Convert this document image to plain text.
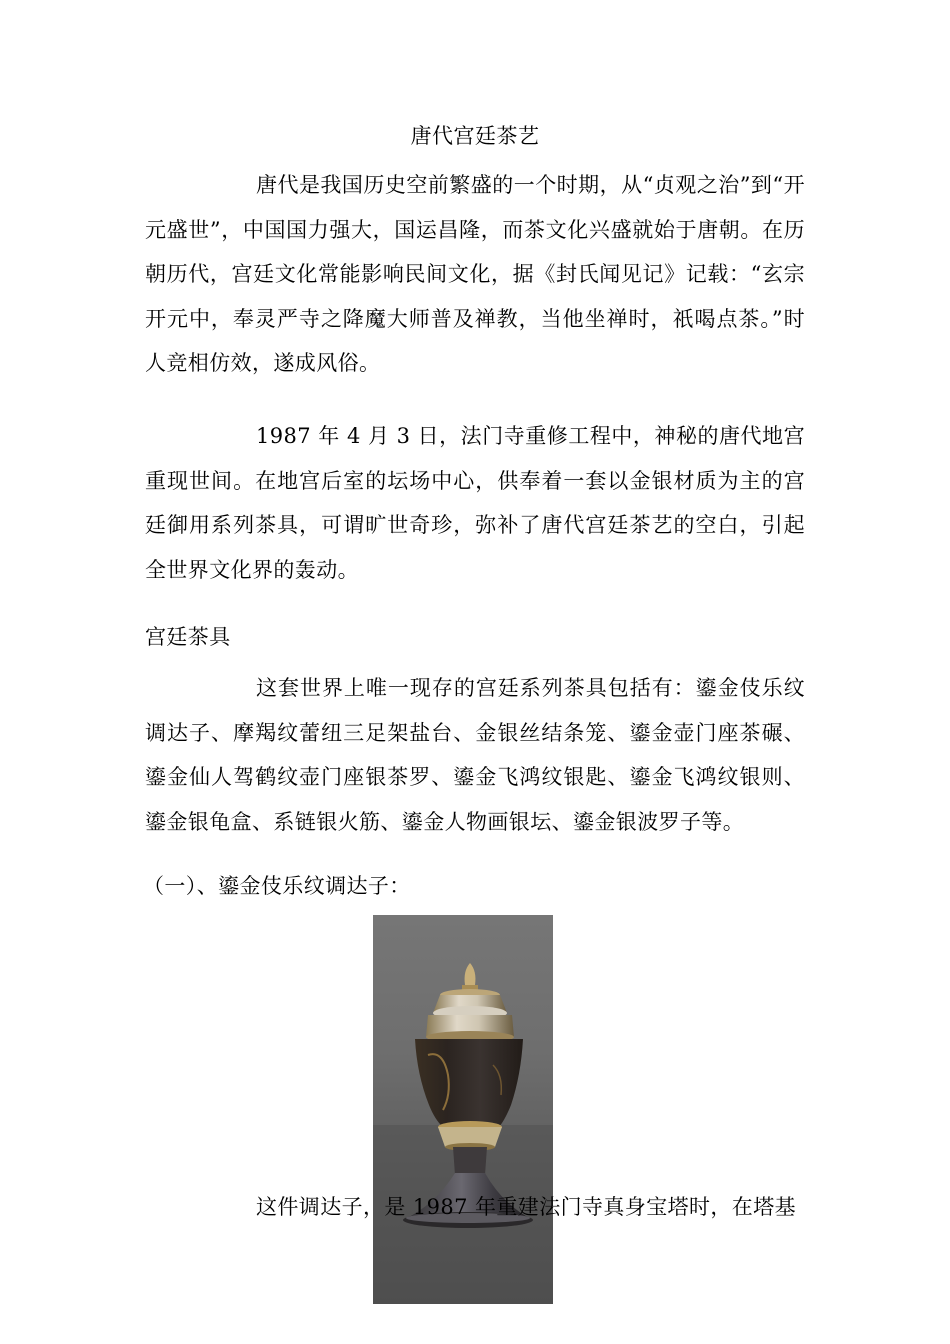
唐代宫廷茶艺

唐代是我国历史空前繁盛的一个时期，从“贞观之治”到“开元盛世”，中国国力强大，国运昌隆，而茶文化兴盛就始于唐朝。在历朝历代，宫廷文化常能影响民间文化，据《封氏闻见记》记载：“玄宗开元中，奉灵严寺之降魔大师普及禅教，当他坐禅时，祇喝点茶。”时人竞相仿效，遂成风俗。

1987 年 4 月 3 日，法门寺重修工程中，神秘的唐代地宫重现世间。在地宫后室的坛场中心，供奉着一套以金银材质为主的宫廷御用系列茶具，可谓旷世奇珍，弥补了唐代宫廷茶艺的空白，引起全世界文化界的轰动。

宫廷茶具

这套世界上唯一现存的宫廷系列茶具包括有：鎏金伎乐纹调达子、摩羯纹蕾纽三足架盐台、金银丝结条笼、鎏金壶门座茶碾、鎏金仙人驾鹤纹壶门座银茶罗、鎏金飞鸿纹银匙、鎏金飞鸿纹银则、鎏金银龟盒、系链银火筋、鎏金人物画银坛、鎏金银波罗子等。

（一）、鎏金伎乐纹调达子：

这件调达子，是 1987 年重建法门寺真身宝塔时，在塔基
